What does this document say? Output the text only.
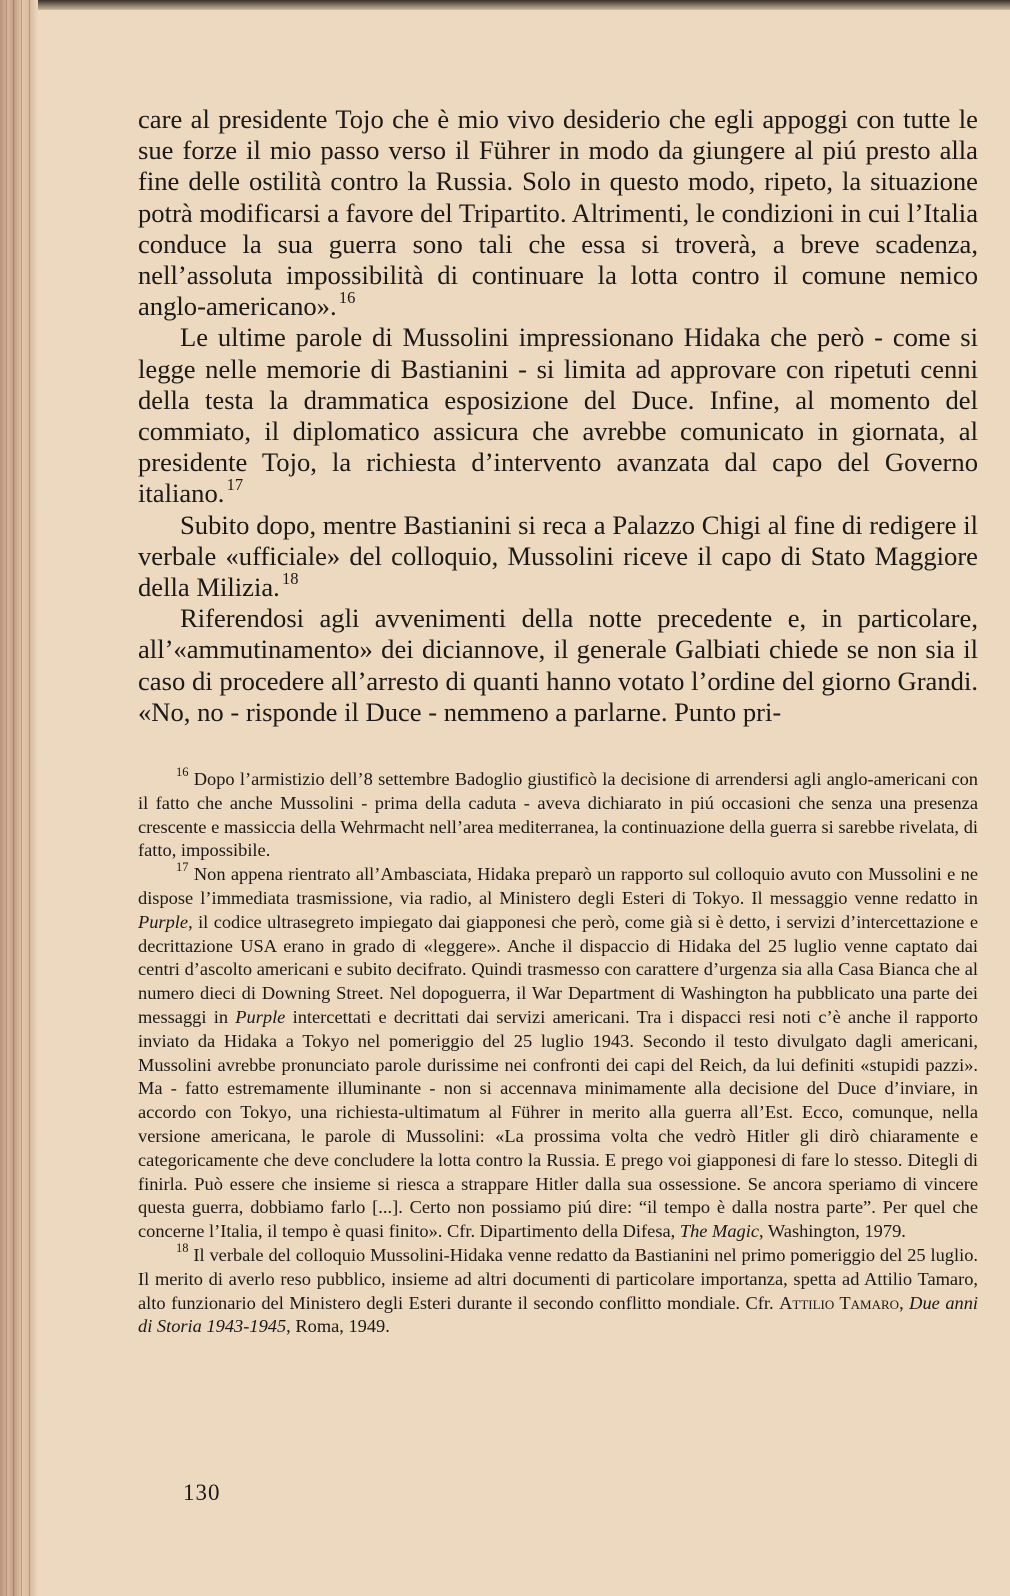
care al presidente Tojo che è mio vivo desiderio che egli appoggi con tutte le sue forze il mio passo verso il Führer in modo da giungere al piú presto alla fine delle ostilità contro la Russia. Solo in questo modo, ripeto, la situazione potrà modificarsi a favore del Tripartito. Altrimenti, le condizioni in cui l’Italia conduce la sua guerra sono tali che essa si troverà, a breve scadenza, nell’assoluta impossibilità di continuare la lotta contro il comune nemico anglo-americano».  $^{16}$

Le ultime parole di Mussolini impressionano Hidaka che però - come si legge nelle memorie di Bastianini - si limita ad approvare con ripetuti cenni della testa la drammatica esposizione del Duce. Infine, al momento del commiato, il diplomatico assicura che avrebbe comunicato in giornata, al presidente Tojo, la richiesta d’intervento avanzata dal capo del Governo italiano.  $^{17}$

Subito dopo, mentre Bastianini si reca a Palazzo Chigi al fine di redigere il verbale «ufficiale» del colloquio, Mussolini riceve il capo di Stato Maggiore della Milizia.  $^{18}$

Riferendosi agli avvenimenti della notte precedente e, in particolare, all’«ammutinamento» dei diciannove, il generale Galbiati chiede se non sia il caso di procedere all’arresto di quanti hanno votato l’ordine del giorno Grandi. «No, no - risponde il Duce - nemmeno a parlarne. Punto pri-

$^{16}$ Dopo l’armistizio dell’8 settembre Badoglio giustificò la decisione di arrendersi agli anglo-americani con il fatto che anche Mussolini - prima della caduta - aveva dichiarato in piú occasioni che senza una presenza crescente e massiccia della Wehrmacht nell’area mediterranea, la continuazione della guerra si sarebbe rivelata, di fatto, impossibile.

$^{17}$ Non appena rientrato all’Ambasciata, Hidaka preparò un rapporto sul colloquio avuto con Mussolini e ne dispose l’immediata trasmissione, via radio, al Ministero degli Esteri di Tokyo. Il messaggio venne redatto in Purple, il codice ultrasegreto impiegato dai giapponesi che però, come già si è detto, i servizi d’intercettazione e decrittazione USA erano in grado di «leggere». Anche il dispaccio di Hidaka del 25 luglio venne captato dai centri d’ascolto americani e subito decifrato. Quindi trasmesso con carattere d’urgenza sia alla Casa Bianca che al numero dieci di Downing Street. Nel dopoguerra, il War Department di Washington ha pubblicato una parte dei messaggi in Purple intercettati e decrittati dai servizi americani. Tra i dispacci resi noti c’è anche il rapporto inviato da Hidaka a Tokyo nel pomeriggio del 25 luglio 1943. Secondo il testo divulgato dagli americani, Mussolini avrebbe pronunciato parole durissime nei confronti dei capi del Reich, da lui definiti «stupidi pazzi». Ma - fatto estremamente illuminante - non si accennava minimamente alla decisione del Duce d’inviare, in accordo con Tokyo, una richiesta-ultimatum al Führer in merito alla guerra all’Est. Ecco, comunque, nella versione americana, le parole di Mussolini: «La prossima volta che vedrò Hitler gli dirò chiaramente e categoricamente che deve concludere la lotta contro la Russia. E prego voi giapponesi di fare lo stesso. Ditegli di finirla. Può essere che insieme si riesca a strappare Hitler dalla sua ossessione. Se ancora speriamo di vincere questa guerra, dobbiamo farlo [...]. Certo non possiamo piú dire: “il tempo è dalla nostra parte”. Per quel che concerne l’Italia, il tempo è quasi finito». Cfr. Dipartimento della Difesa, The Magic, Washington, 1979.

$^{18}$ Il verbale del colloquio Mussolini-Hidaka venne redatto da Bastianini nel primo pomeriggio del 25 luglio. Il merito di averlo reso pubblico, insieme ad altri documenti di particolare importanza, spetta ad Attilio Tamaro, alto funzionario del Ministero degli Esteri durante il secondo conflitto mondiale. Cfr. Attilio Tamaro, Due anni di Storia 1943-1945, Roma, 1949.

130
